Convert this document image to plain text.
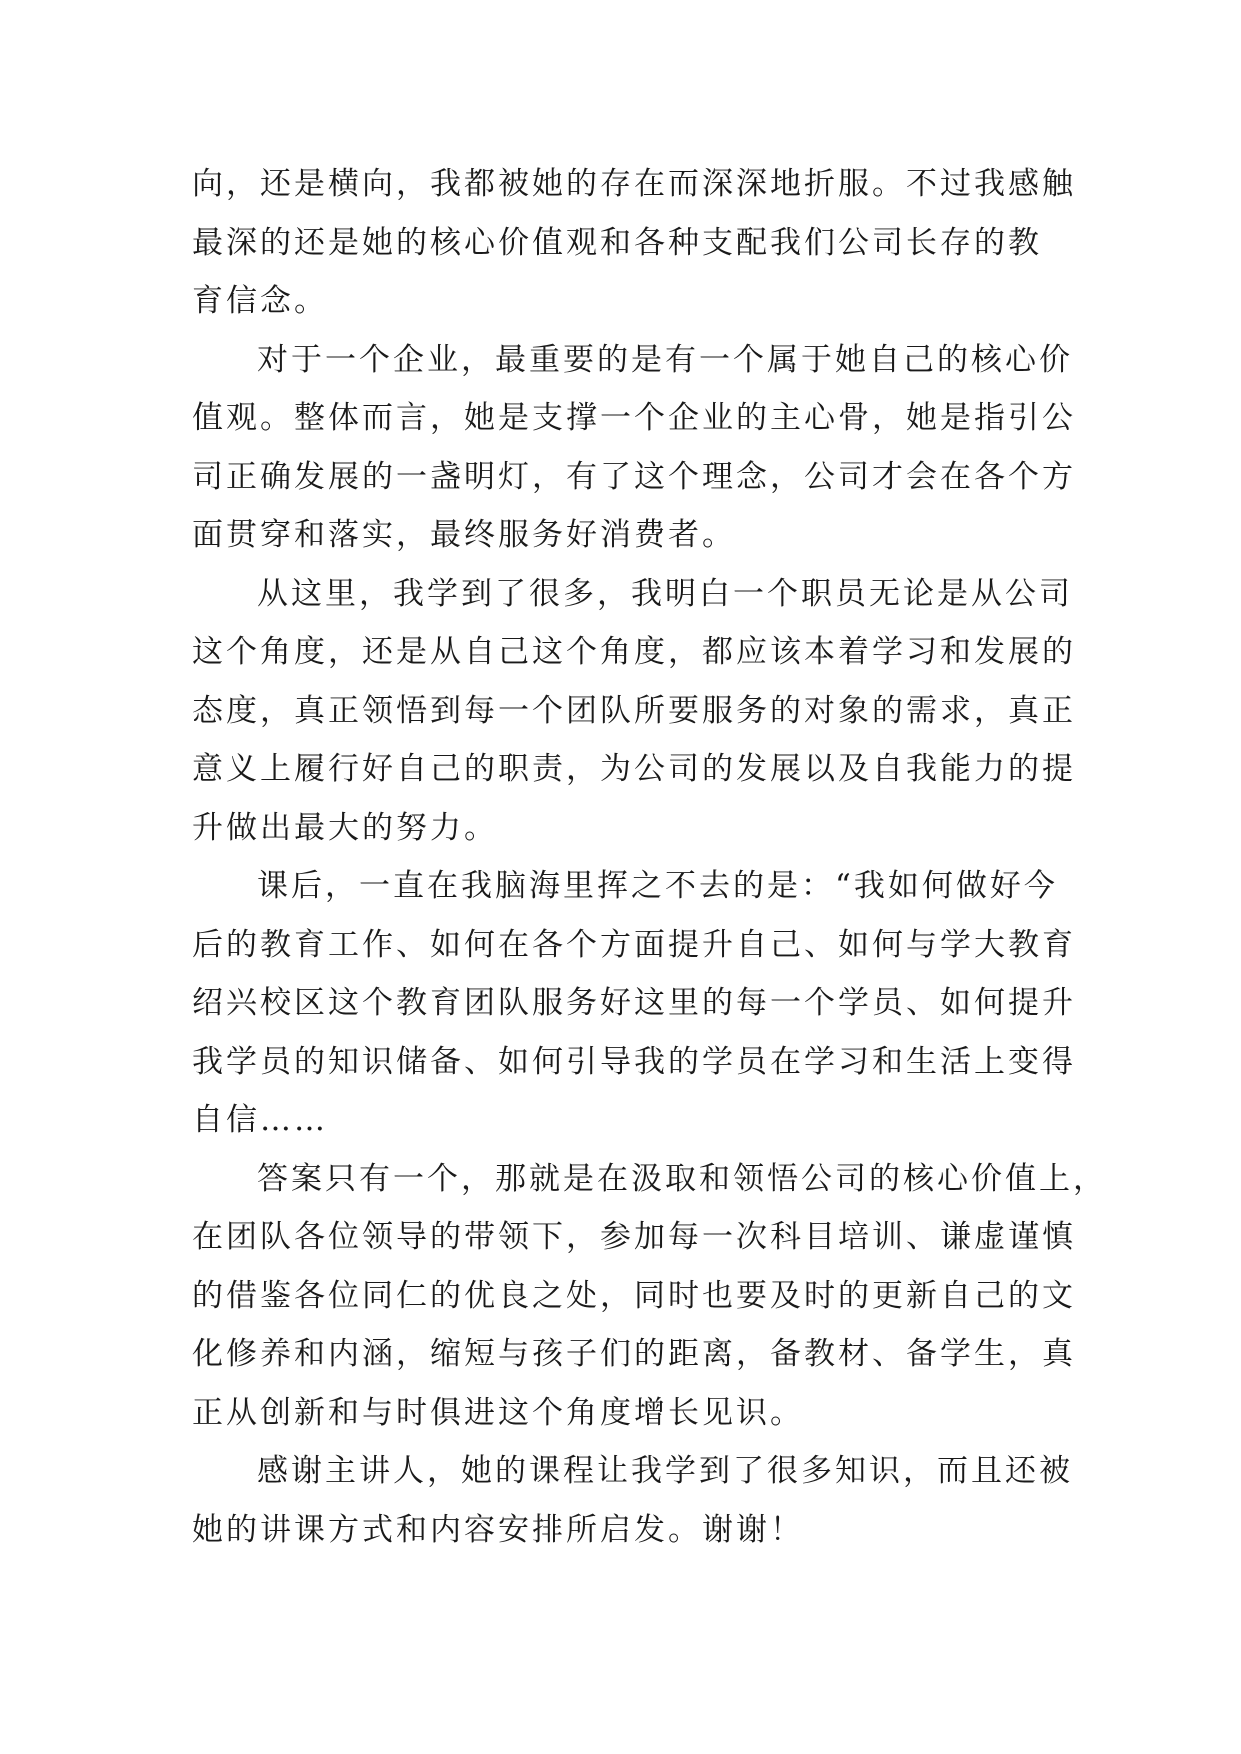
向，还是横向，我都被她的存在而深深地折服。不过我感触
最深的还是她的核心价值观和各种支配我们公司长存的教
育信念。
对于一个企业，最重要的是有一个属于她自己的核心价
值观。整体而言，她是支撑一个企业的主心骨，她是指引公
司正确发展的一盏明灯，有了这个理念，公司才会在各个方
面贯穿和落实，最终服务好消费者。
从这里，我学到了很多，我明白一个职员无论是从公司
这个角度，还是从自己这个角度，都应该本着学习和发展的
态度，真正领悟到每一个团队所要服务的对象的需求，真正
意义上履行好自己的职责，为公司的发展以及自我能力的提
升做出最大的努力。
课后，一直在我脑海里挥之不去的是：“我如何做好今
后的教育工作、如何在各个方面提升自己、如何与学大教育
绍兴校区这个教育团队服务好这里的每一个学员、如何提升
我学员的知识储备、如何引导我的学员在学习和生活上变得
自信……
答案只有一个，那就是在汲取和领悟公司的核心价值上，
在团队各位领导的带领下，参加每一次科目培训、谦虚谨慎
的借鉴各位同仁的优良之处，同时也要及时的更新自己的文
化修养和内涵，缩短与孩子们的距离，备教材、备学生，真
正从创新和与时俱进这个角度增长见识。
感谢主讲人，她的课程让我学到了很多知识，而且还被
她的讲课方式和内容安排所启发。谢谢！
